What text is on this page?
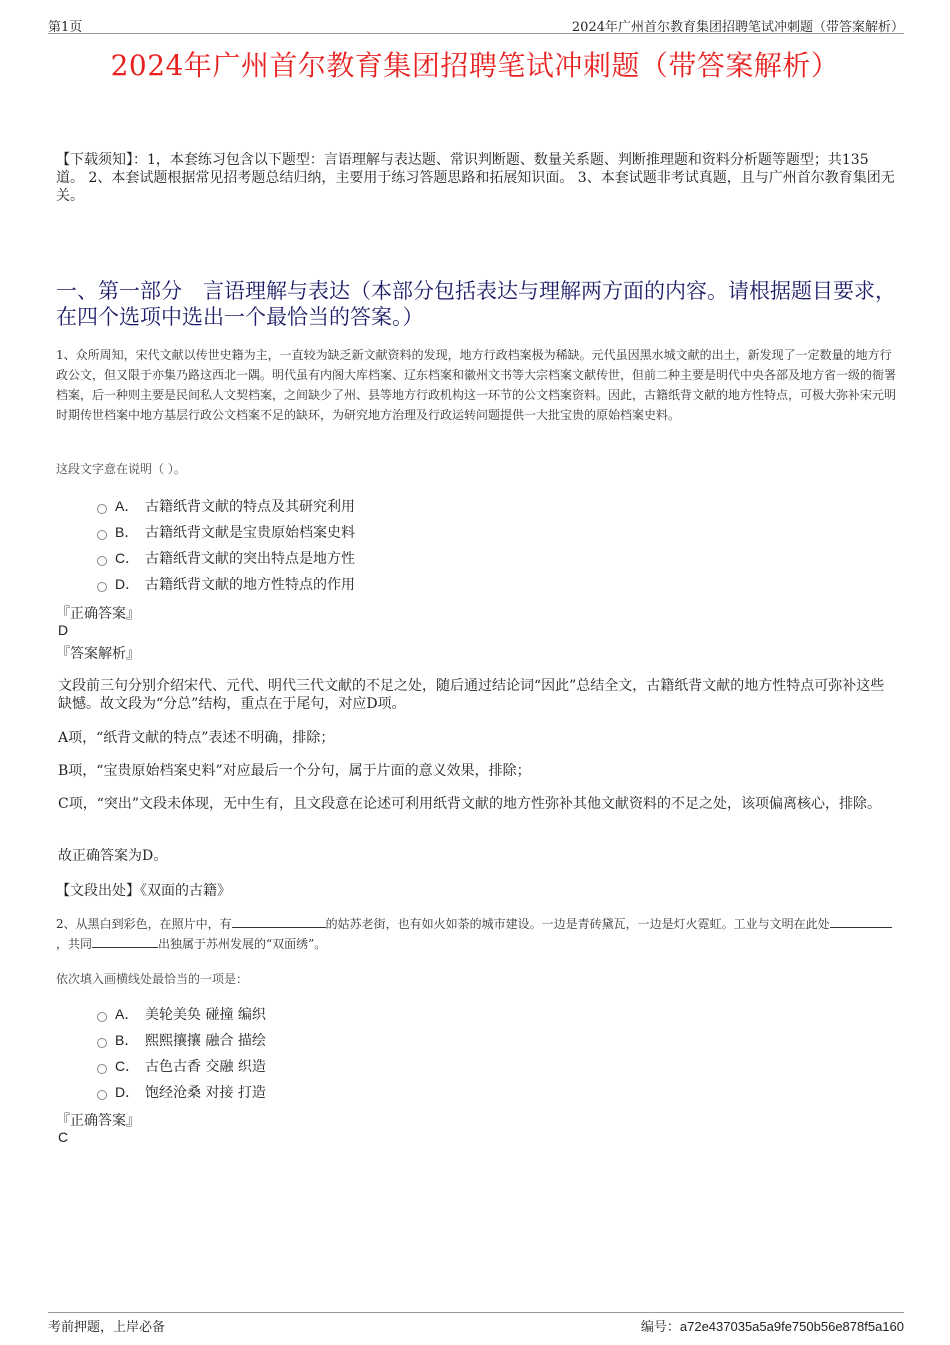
第1页	2024年广州首尔教育集团招聘笔试冲刺题（带答案解析）
2024年广州首尔教育集团招聘笔试冲刺题（带答案解析）
【下载须知】：1，本套练习包含以下题型：言语理解与表达题、常识判断题、数量关系题、判断推理题和资料分析题等题型；共135道。 2、本套试题根据常见招考题总结归纳，主要用于练习答题思路和拓展知识面。 3、本套试题非考试真题，且与广州首尔教育集团无关。
一、第一部分　言语理解与表达（本部分包括表达与理解两方面的内容。请根据题目要求，在四个选项中选出一个最恰当的答案。）
1、众所周知，宋代文献以传世史籍为主，一直较为缺乏新文献资料的发现，地方行政档案极为稀缺。元代虽因黑水城文献的出土，新发现了一定数量的地方行政公文，但又限于亦集乃路这西北一隅。明代虽有内阁大库档案、辽东档案和徽州文书等大宗档案文献传世，但前二种主要是明代中央各部及地方省一级的衙署档案，后一种则主要是民间私人文契档案，之间缺少了州、县等地方行政机构这一环节的公文档案资料。因此，古籍纸背文献的地方性特点，可极大弥补宋元明时期传世档案中地方基层行政公文档案不足的缺环，为研究地方治理及行政运转问题提供一大批宝贵的原始档案史料。
这段文字意在说明（ ）。
A． 古籍纸背文献的特点及其研究利用
B． 古籍纸背文献是宝贵原始档案史料
C． 古籍纸背文献的突出特点是地方性
D． 古籍纸背文献的地方性特点的作用
『正确答案』
D
『答案解析』
文段前三句分别介绍宋代、元代、明代三代文献的不足之处，随后通过结论词“因此”总结全文，古籍纸背文献的地方性特点可弥补这些缺憾。故文段为“分总”结构，重点在于尾句，对应D项。
A项，“纸背文献的特点”表述不明确，排除；
B项，“宝贵原始档案史料”对应最后一个分句，属于片面的意义效果，排除；
C项，“突出”文段未体现，无中生有，且文段意在论述可利用纸背文献的地方性弥补其他文献资料的不足之处，该项偏离核心，排除。
故正确答案为D。
【文段出处】《双面的古籍》
2、从黑白到彩色，在照片中，有	的姑苏老街，也有如火如荼的城市建设。一边是青砖黛瓦，一边是灯火霓虹。工业与文明在此处，共同	出独属于苏州发展的“双面绣”。
依次填入画横线处最恰当的一项是：
A． 美轮美奂 碰撞 编织
B． 熙熙攘攘 融合 描绘
C． 古色古香 交融 织造
D． 饱经沧桑 对接 打造
『正确答案』
C
考前押题，上岸必备	编号：a72e437035a5a9fe750b56e878f5a160
